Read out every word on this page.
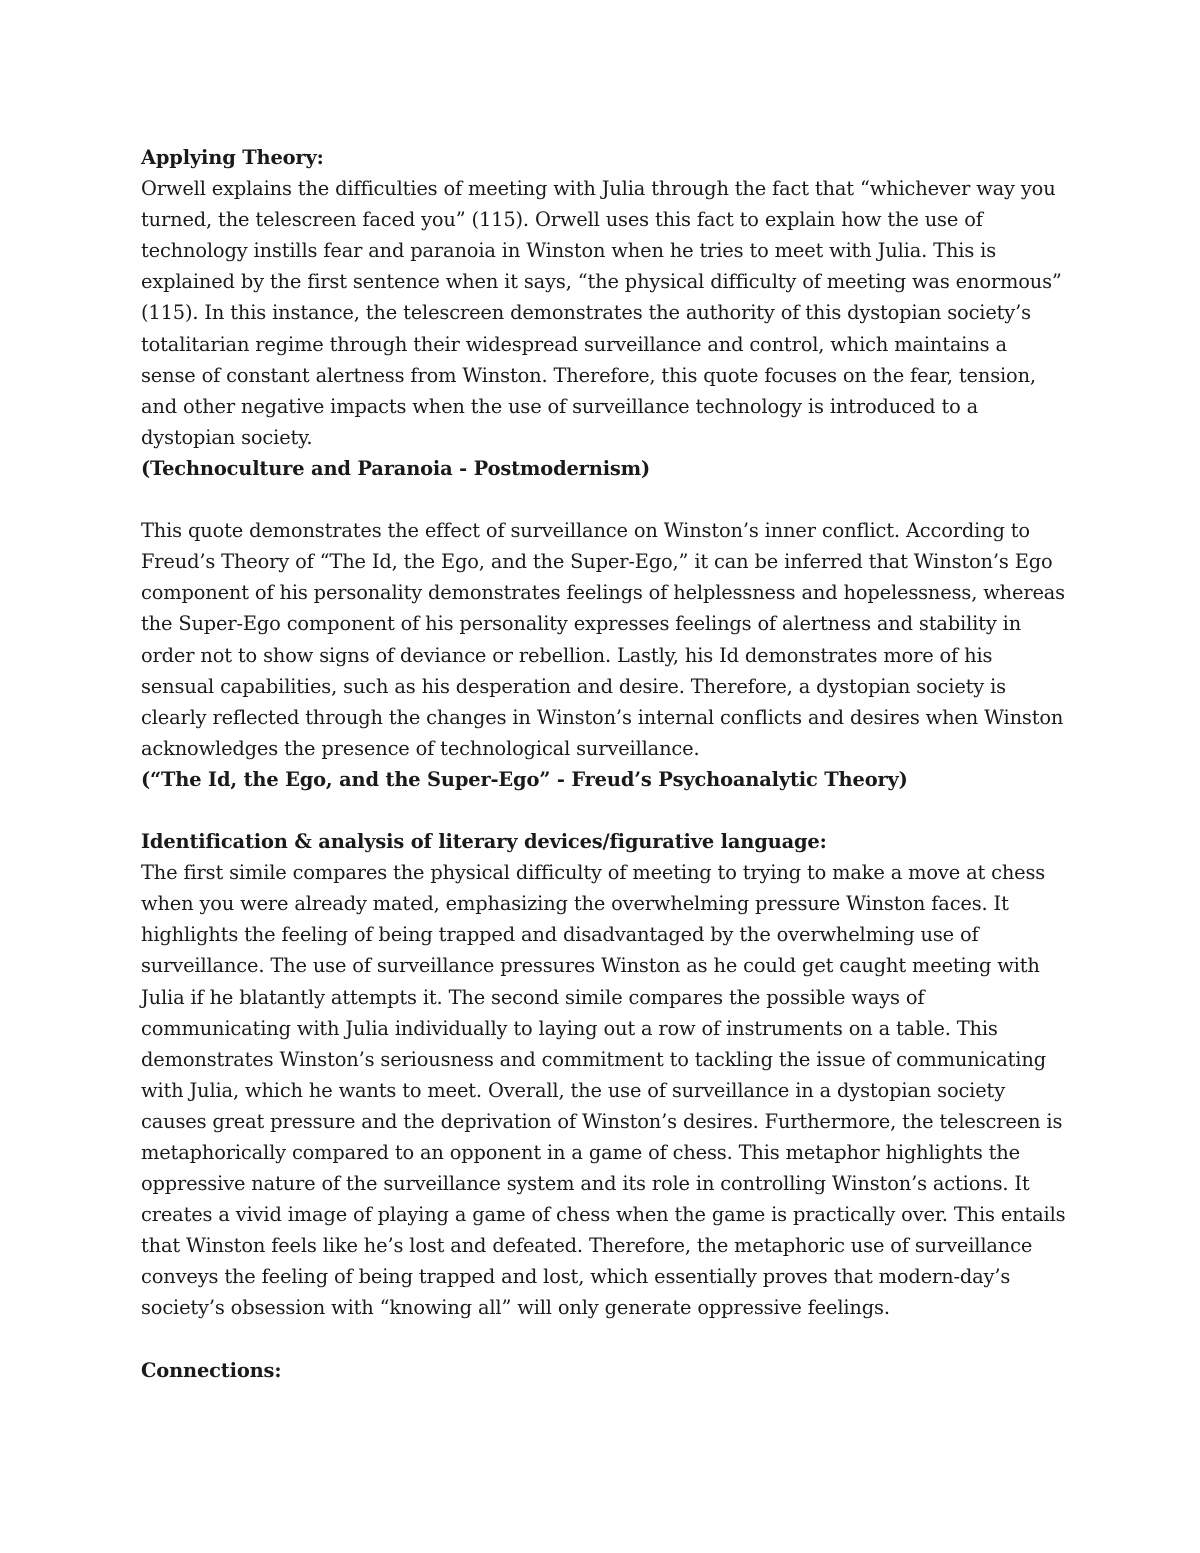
Applying Theory:

Orwell explains the difficulties of meeting with Julia through the fact that “whichever way you turned, the telescreen faced you” (115). Orwell uses this fact to explain how the use of technology instills fear and paranoia in Winston when he tries to meet with Julia. This is explained by the first sentence when it says, “the physical difficulty of meeting was enormous” (115). In this instance, the telescreen demonstrates the authority of this dystopian society’s totalitarian regime through their widespread surveillance and control, which maintains a sense of constant alertness from Winston. Therefore, this quote focuses on the fear, tension, and other negative impacts when the use of surveillance technology is introduced to a dystopian society.

(Technoculture and Paranoia - Postmodernism)

This quote demonstrates the effect of surveillance on Winston’s inner conflict. According to Freud’s Theory of “The Id, the Ego, and the Super-Ego,” it can be inferred that Winston’s Ego component of his personality demonstrates feelings of helplessness and hopelessness, whereas the Super-Ego component of his personality expresses feelings of alertness and stability in order not to show signs of deviance or rebellion. Lastly, his Id demonstrates more of his sensual capabilities, such as his desperation and desire. Therefore, a dystopian society is clearly reflected through the changes in Winston’s internal conflicts and desires when Winston acknowledges the presence of technological surveillance.

(“The Id, the Ego, and the Super-Ego” - Freud’s Psychoanalytic Theory)

Identification & analysis of literary devices/figurative language:

The first simile compares the physical difficulty of meeting to trying to make a move at chess when you were already mated, emphasizing the overwhelming pressure Winston faces. It highlights the feeling of being trapped and disadvantaged by the overwhelming use of surveillance. The use of surveillance pressures Winston as he could get caught meeting with Julia if he blatantly attempts it. The second simile compares the possible ways of communicating with Julia individually to laying out a row of instruments on a table. This demonstrates Winston’s seriousness and commitment to tackling the issue of communicating with Julia, which he wants to meet. Overall, the use of surveillance in a dystopian society causes great pressure and the deprivation of Winston’s desires. Furthermore, the telescreen is metaphorically compared to an opponent in a game of chess. This metaphor highlights the oppressive nature of the surveillance system and its role in controlling Winston’s actions. It creates a vivid image of playing a game of chess when the game is practically over. This entails that Winston feels like he’s lost and defeated. Therefore, the metaphoric use of surveillance conveys the feeling of being trapped and lost, which essentially proves that modern-day’s society’s obsession with “knowing all” will only generate oppressive feelings.

Connections:
